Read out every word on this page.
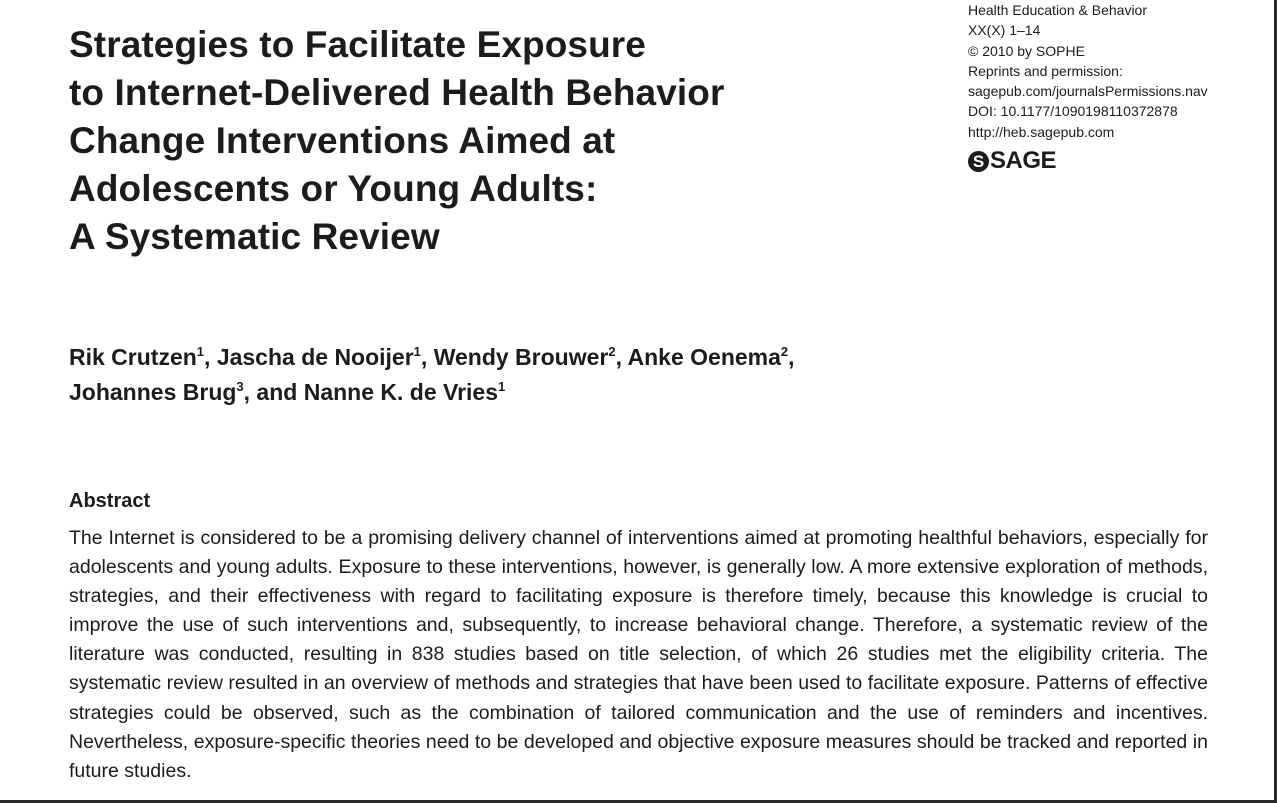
Strategies to Facilitate Exposure
to Internet-Delivered Health Behavior
Change Interventions Aimed at
Adolescents or Young Adults:
A Systematic Review
Health Education & Behavior
XX(X) 1–14
© 2010 by SOPHE
Reprints and permission:
sagepub.com/journalsPermissions.nav
DOI: 10.1177/1090198110372878
http://heb.sagepub.com
S SAGE
Rik Crutzen$^1$, Jascha de Nooijer$^1$, Wendy Brouwer$^2$, Anke Oenema$^2$,
Johannes Brug$^3$, and Nanne K. de Vries$^1$
Abstract

The Internet is considered to be a promising delivery channel of interventions aimed at promoting healthful behaviors, especially for adolescents and young adults. Exposure to these interventions, however, is generally low. A more extensive exploration of methods, strategies, and their effectiveness with regard to facilitating exposure is therefore timely, because this knowledge is crucial to improve the use of such interventions and, subsequently, to increase behavioral change. Therefore, a systematic review of the literature was conducted, resulting in 838 studies based on title selection, of which 26 studies met the eligibility criteria. The systematic review resulted in an overview of methods and strategies that have been used to facilitate exposure. Patterns of effective strategies could be observed, such as the combination of tailored communication and the use of reminders and incentives. Nevertheless, exposure-specific theories need to be developed and objective exposure measures should be tracked and reported in future studies.
